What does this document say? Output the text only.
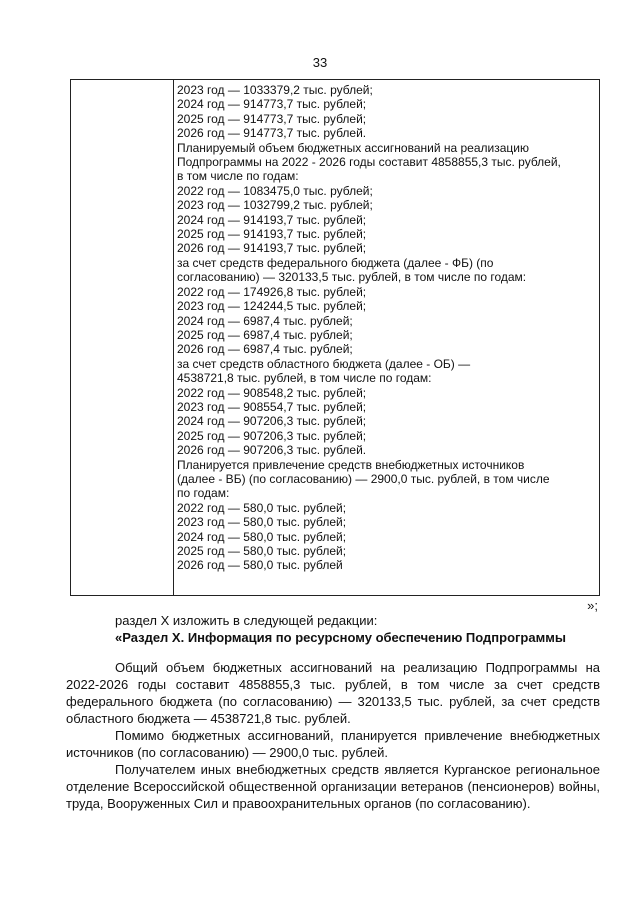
33
2023 год — 1033379,2 тыс. рублей;
2024 год — 914773,7 тыс. рублей;
2025 год — 914773,7 тыс. рублей;
2026 год — 914773,7 тыс. рублей.
Планируемый объем бюджетных ассигнований на реализацию
Подпрограммы на 2022 - 2026 годы составит 4858855,3 тыс. рублей,
в том числе по годам:
2022 год — 1083475,0 тыс. рублей;
2023 год — 1032799,2 тыс. рублей;
2024 год — 914193,7 тыс. рублей;
2025 год — 914193,7 тыс. рублей;
2026 год — 914193,7 тыс. рублей;
за счет средств федерального бюджета (далее - ФБ) (по
согласованию) — 320133,5 тыс. рублей, в том числе по годам:
2022 год — 174926,8 тыс. рублей;
2023 год — 124244,5 тыс. рублей;
2024 год — 6987,4 тыс. рублей;
2025 год — 6987,4 тыс. рублей;
2026 год — 6987,4 тыс. рублей;
за счет средств областного бюджета (далее - ОБ) —
4538721,8 тыс. рублей, в том числе по годам:
2022 год — 908548,2 тыс. рублей;
2023 год — 908554,7 тыс. рублей;
2024 год — 907206,3 тыс. рублей;
2025 год — 907206,3 тыс. рублей;
2026 год — 907206,3 тыс. рублей.
Планируется привлечение средств внебюджетных источников
(далее - ВБ) (по согласованию) — 2900,0 тыс. рублей, в том числе
по годам:
2022 год — 580,0 тыс. рублей;
2023 год — 580,0 тыс. рублей;
2024 год — 580,0 тыс. рублей;
2025 год — 580,0 тыс. рублей;
2026 год — 580,0 тыс. рублей
»;
раздел X изложить в следующей редакции:
«Раздел X. Информация по ресурсному обеспечению Подпрограммы

Общий объем бюджетных ассигнований на реализацию Подпрограммы на 2022-2026 годы составит 4858855,3 тыс. рублей, в том числе за счет средств федерального бюджета (по согласованию) — 320133,5 тыс. рублей, за счет средств областного бюджета — 4538721,8 тыс. рублей.

Помимо бюджетных ассигнований, планируется привлечение внебюджетных источников (по согласованию) — 2900,0 тыс. рублей.

Получателем иных внебюджетных средств является Курганское региональное отделение Всероссийской общественной организации ветеранов (пенсионеров) войны, труда, Вооруженных Сил и правоохранительных органов (по согласованию).
